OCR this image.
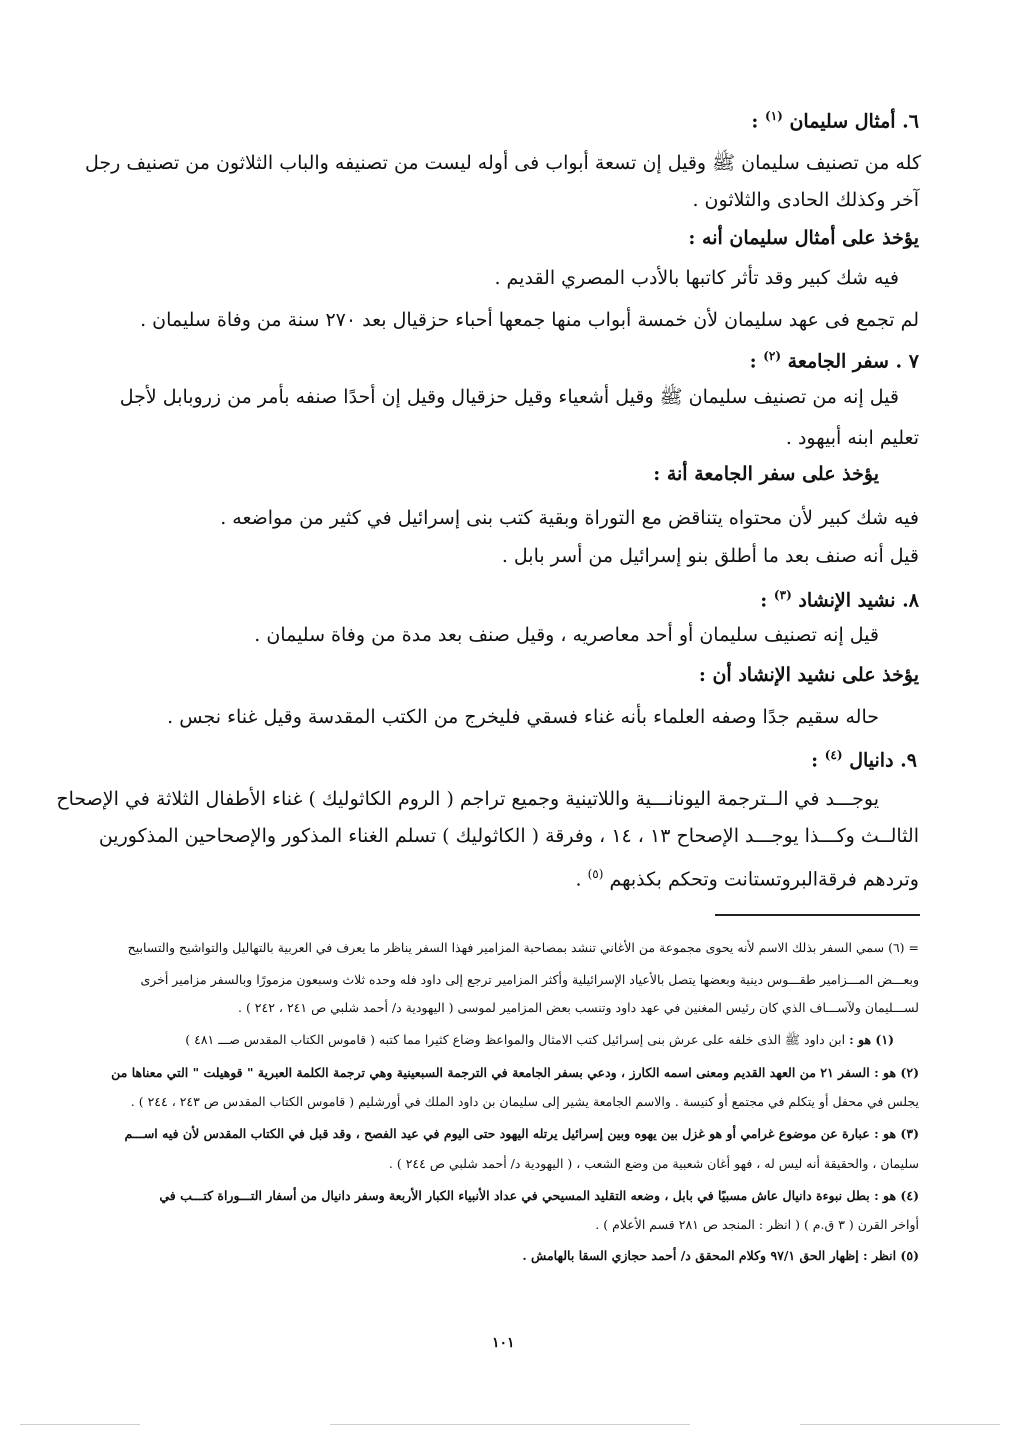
٦. أمثال سليمان $^{(١)}$ :
كله من تصنيف سليمان ﷺ وقيل إن تسعة أبواب فى أوله ليست من تصنيفه والباب الثلاثون من تصنيف رجل
آخر وكذلك الحادى والثلاثون .
يؤخذ على أمثال سليمان أنه :
فيه شك كبير وقد تأثر كاتبها بالأدب المصري القديم .
لم تجمع فى عهد سليمان لأن خمسة أبواب منها جمعها أحباء حزقيال بعد ٢٧٠ سنة من وفاة سليمان .
٧ . سفر الجامعة $^{(٢)}$ :
قيل إنه من تصنيف سليمان ﷺ وقيل أشعياء وقيل حزقيال وقيل إن أحدًا صنفه بأمر من زروبابل لأجل
تعليم ابنه أبيهود .
يؤخذ على سفر الجامعة أنة :
فيه شك كبير لأن محتواه يتناقض مع التوراة وبقية كتب بنى إسرائيل في كثير من مواضعه .
قيل أنه صنف بعد ما أطلق بنو إسرائيل من أسر بابل .
٨. نشيد الإنشاد $^{(٣)}$ :
قيل إنه تصنيف سليمان أو أحد معاصريه ، وقيل صنف بعد مدة من وفاة سليمان .
يؤخذ على نشيد الإنشاد أن :
حاله سقيم جدًا وصفه العلماء بأنه غناء فسقي فليخرج من الكتب المقدسة وقيل غناء نجس .
٩. دانيال $^{(٤)}$ :
يوجـــد في الــترجمة اليونانـــية واللاتينية وجميع تراجم ( الروم الكاثوليك ) غناء الأطفال الثلاثة في الإصحاح
الثالــث وكـــذا يوجـــد الإصحاح ١٣ ، ١٤ ، وفرقة ( الكاثوليك ) تسلم الغناء المذكور والإصحاحين المذكورين
وتردهم فرقةالبروتستانت وتحكم بكذبهم $^{(٥)}$ .
= (٦) سمي السفر بذلك الاسم لأنه يحوى مجموعة من الأغاني تنشد بمصاحبة المزامير فهذا السفر يناظر ما يعرف في العربية بالتهاليل والتواشيح والتسابيح
وبعـــض المـــزامير طقـــوس دينية وبعضها يتصل بالأعياد الإسرائيلية وأكثر المزامير ترجع إلى داود فله وحده ثلاث وسبعون مزمورًا وبالسفر مزامير أخرى
لســـليمان ولآســـاف الذي كان رئيس المغنين في عهد داود وتنسب بعض المزامير لموسى ( اليهودية د/ أحمد شلبي ص ٢٤١ ، ٢٤٢ ) .
(١) هو : ابن داود ﷺ الذى خلفه على عرش بنى إسرائيل كتب الامثال والمواعظ وضاع كثيرا مما كتبه ( قاموس الكتاب المقدس صـــ ٤٨١ )
(٢) هو : السفر ٢١ من العهد القديم ومعنى اسمه الكارز ، ودعي بسفر الجامعة في الترجمة السبعينية وهي ترجمة الكلمة العبرية " قوهيلت " التي معناها من
يجلس في محفل أو يتكلم في مجتمع أو كنيسة . والاسم الجامعة يشير إلى سليمان بن داود الملك في أورشليم ( قاموس الكتاب المقدس ص ٢٤٣ ، ٢٤٤ ) .
(٣) هو : عبارة عن موضوع غرامي أو هو غزل بين يهوه وبين إسرائيل يرتله اليهود حتى اليوم في عيد الفصح ، وقد قبل في الكتاب المقدس لأن فيه اســـم
سليمان ، والحقيقة أنه ليس له ، فهو أغان شعبية من وضع الشعب ، ( اليهودية د/ أحمد شلبي ص ٢٤٤ ) .
(٤) هو : بطل نبوءة دانيال عاش مسبيًا في بابل ، وضعه التقليد المسيحي في عداد الأنبياء الكبار الأربعة وسفر دانيال من أسفار التـــوراة كتـــب في
أواخر القرن ( ٣ ق.م ) ( انظر : المنجد ص ٢٨١ قسم الأعلام ) .
(٥) انظر : إظهار الحق ٩٧/١ وكلام المحقق د/ أحمد حجازي السقا بالهامش .
١٠١
